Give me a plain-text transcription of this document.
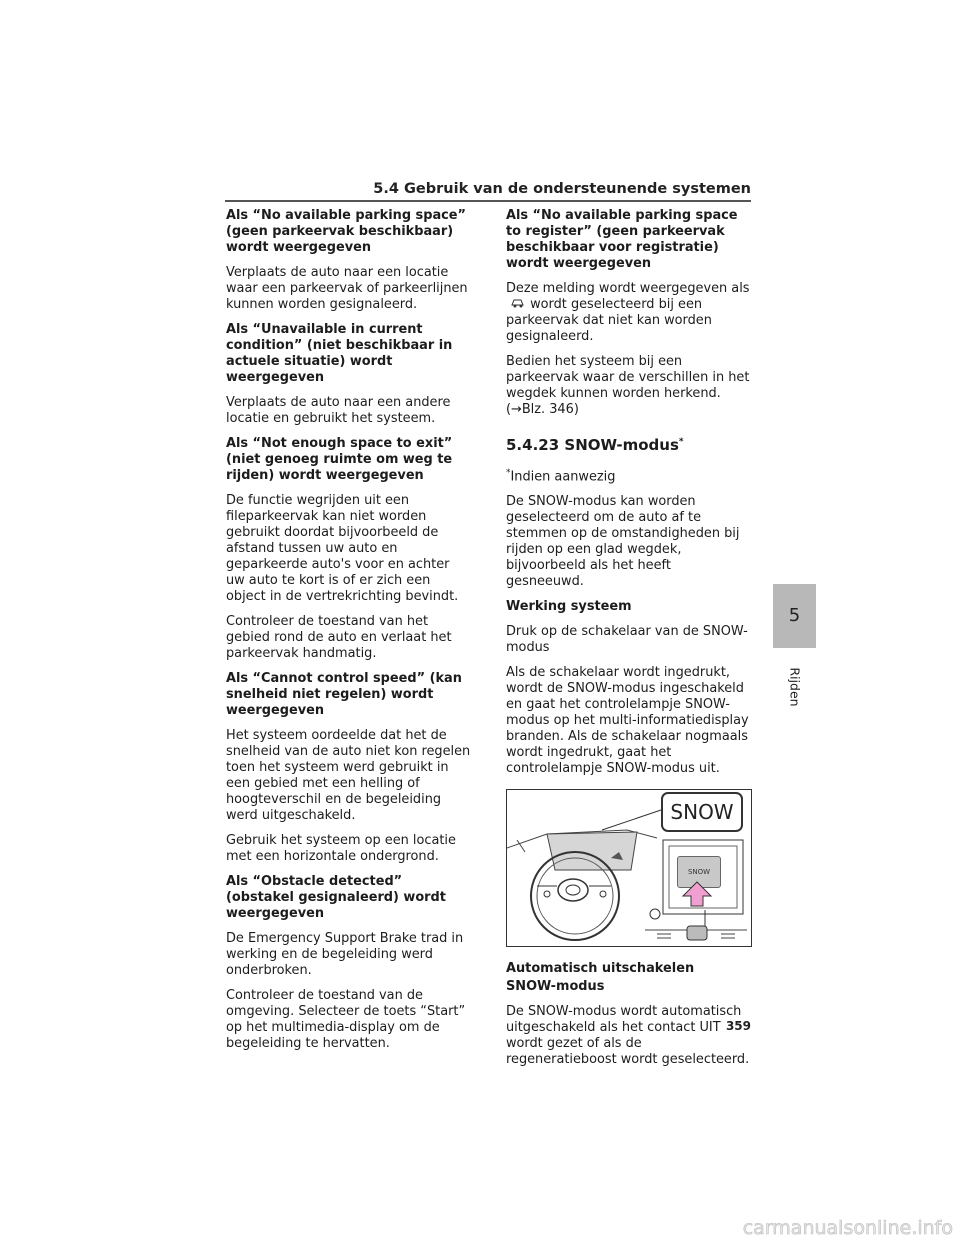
5.4 Gebruik van de ondersteunende systemen

Als “No available parking space” (geen parkeervak beschikbaar) wordt weergegeven

Verplaats de auto naar een locatie waar een parkeervak of parkeerlijnen kunnen worden gesignaleerd.

Als “Unavailable in current condition” (niet beschikbaar in actuele situatie) wordt weergegeven

Verplaats de auto naar een andere locatie en gebruikt het systeem.

Als “Not enough space to exit” (niet genoeg ruimte om weg te rijden) wordt weergegeven

De functie wegrijden uit een fileparkeervak kan niet worden gebruikt doordat bijvoorbeeld de afstand tussen uw auto en geparkeerde auto's voor en achter uw auto te kort is of er zich een object in de vertrekrichting bevindt.

Controleer de toestand van het gebied rond de auto en verlaat het parkeervak handmatig.

Als “Cannot control speed” (kan snelheid niet regelen) wordt weergegeven

Het systeem oordeelde dat het de snelheid van de auto niet kon regelen toen het systeem werd gebruikt in een gebied met een helling of hoogteverschil en de begeleiding werd uitgeschakeld.

Gebruik het systeem op een locatie met een horizontale ondergrond.

Als “Obstacle detected” (obstakel gesignaleerd) wordt weergegeven

De Emergency Support Brake trad in werking en de begeleiding werd onderbroken.

Controleer de toestand van de omgeving. Selecteer de toets “Start” op het multimedia-display om de begeleiding te hervatten.

Als “No available parking space to register” (geen parkeervak beschikbaar voor registratie) wordt weergegeven

Deze melding wordt weergegeven als  wordt geselecteerd bij een parkeervak dat niet kan worden gesignaleerd.

Bedien het systeem bij een parkeervak waar de verschillen in het wegdek kunnen worden herkend. (→Blz. 346)

5.4.23 SNOW-modus*

*Indien aanwezig

De SNOW-modus kan worden geselecteerd om de auto af te stemmen op de omstandigheden bij rijden op een glad wegdek, bijvoorbeeld als het heeft gesneeuwd.

Werking systeem

Druk op de schakelaar van de SNOW-modus

Als de schakelaar wordt ingedrukt, wordt de SNOW-modus ingeschakeld en gaat het controlelampje SNOW-modus op het multi-informatiedisplay branden. Als de schakelaar nogmaals wordt ingedrukt, gaat het controlelampje SNOW-modus uit.

SNOW
SNOW

Automatisch uitschakelen

SNOW-modus

De SNOW-modus wordt automatisch uitgeschakeld als het contact UIT wordt gezet of als de regeneratieboost wordt geselecteerd.

5
Rijden
359
carmanualsonline.info
